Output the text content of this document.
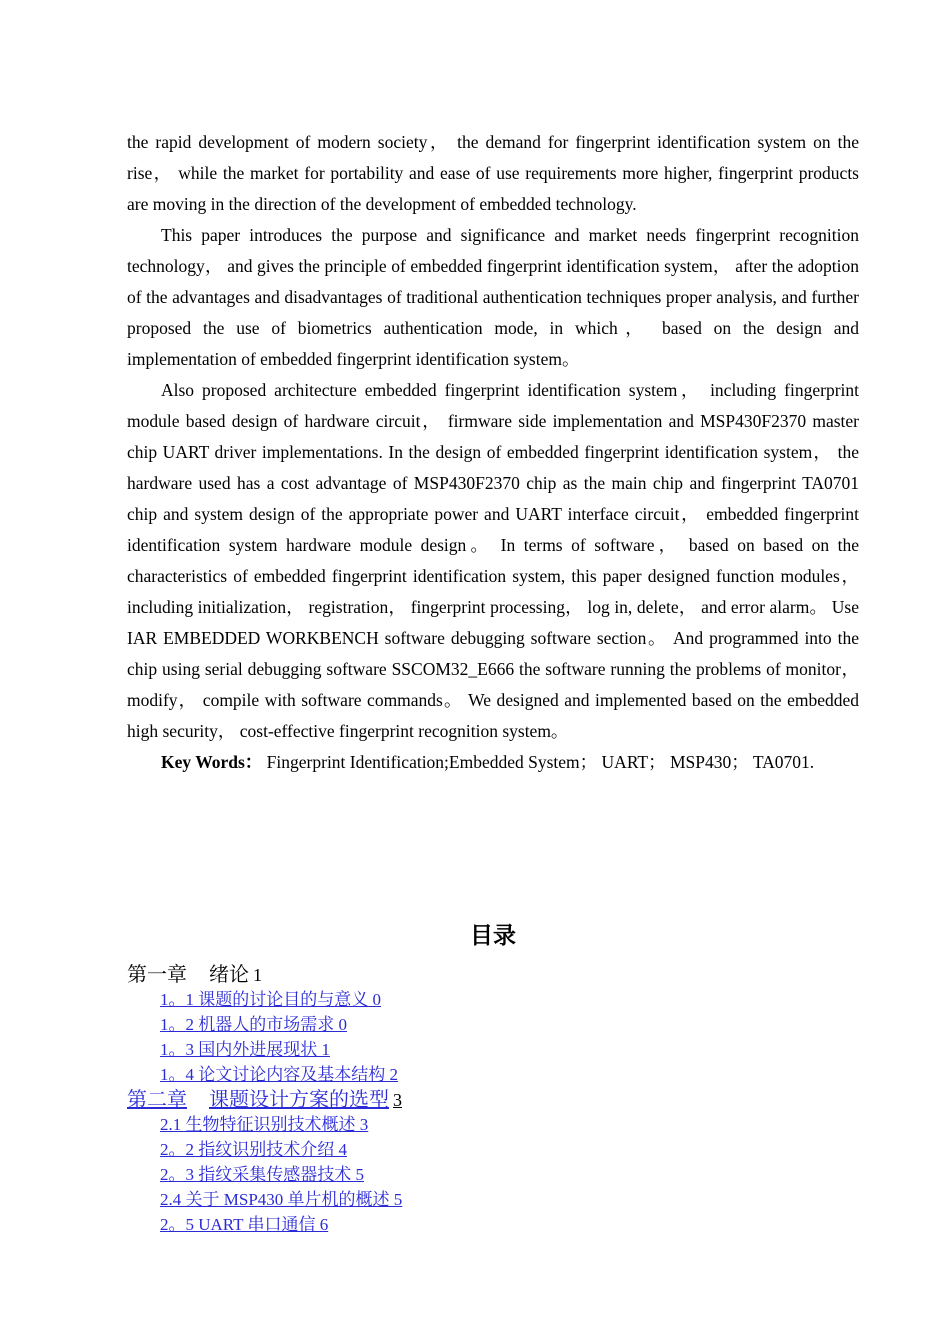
the rapid development of modern society， the demand for fingerprint identification system on the rise， while the market for portability and ease of use requirements more higher, fingerprint products are moving in the direction of the development of embedded technology.

This paper introduces the purpose and significance and market needs fingerprint recognition technology， and gives the principle of embedded fingerprint identification system， after the adoption of the advantages and disadvantages of traditional authentication techniques proper analysis, and further proposed the use of biometrics authentication mode, in which， based on the design and implementation of embedded fingerprint identification system。

Also proposed architecture embedded fingerprint identification system， including fingerprint module based design of hardware circuit， firmware side implementation and MSP430F2370 master chip UART driver implementations. In the design of embedded fingerprint identification system， the hardware used has a cost advantage of MSP430F2370 chip as the main chip and fingerprint TA0701 chip and system design of the appropriate power and UART interface circuit， embedded fingerprint identification system hardware module design。 In terms of software， based on based on the characteristics of embedded fingerprint identification system, this paper designed function modules， including initialization， registration， fingerprint processing， log in, delete， and error alarm。 Use IAR EMBEDDED WORKBENCH software debugging software section。 And programmed into the chip using serial debugging software SSCOM32_E666 the software running the problems of monitor， modify， compile with software commands。 We designed and implemented based on the embedded high security， cost-effective fingerprint recognition system。

Key Words： Fingerprint Identification;Embedded System； UART； MSP430； TA0701.

目录
第一章 绪论 1
1。1 课题的讨论目的与意义 0
1。2 机器人的市场需求 0
1。3 国内外进展现状 1
1。4 论文讨论内容及基本结构 2
第二章 课题设计方案的选型 3
2.1 生物特征识别技术概述 3
2。2 指纹识别技术介绍 4
2。3 指纹采集传感器技术 5
2.4 关于 MSP430 单片机的概述 5
2。5 UART 串口通信 6
